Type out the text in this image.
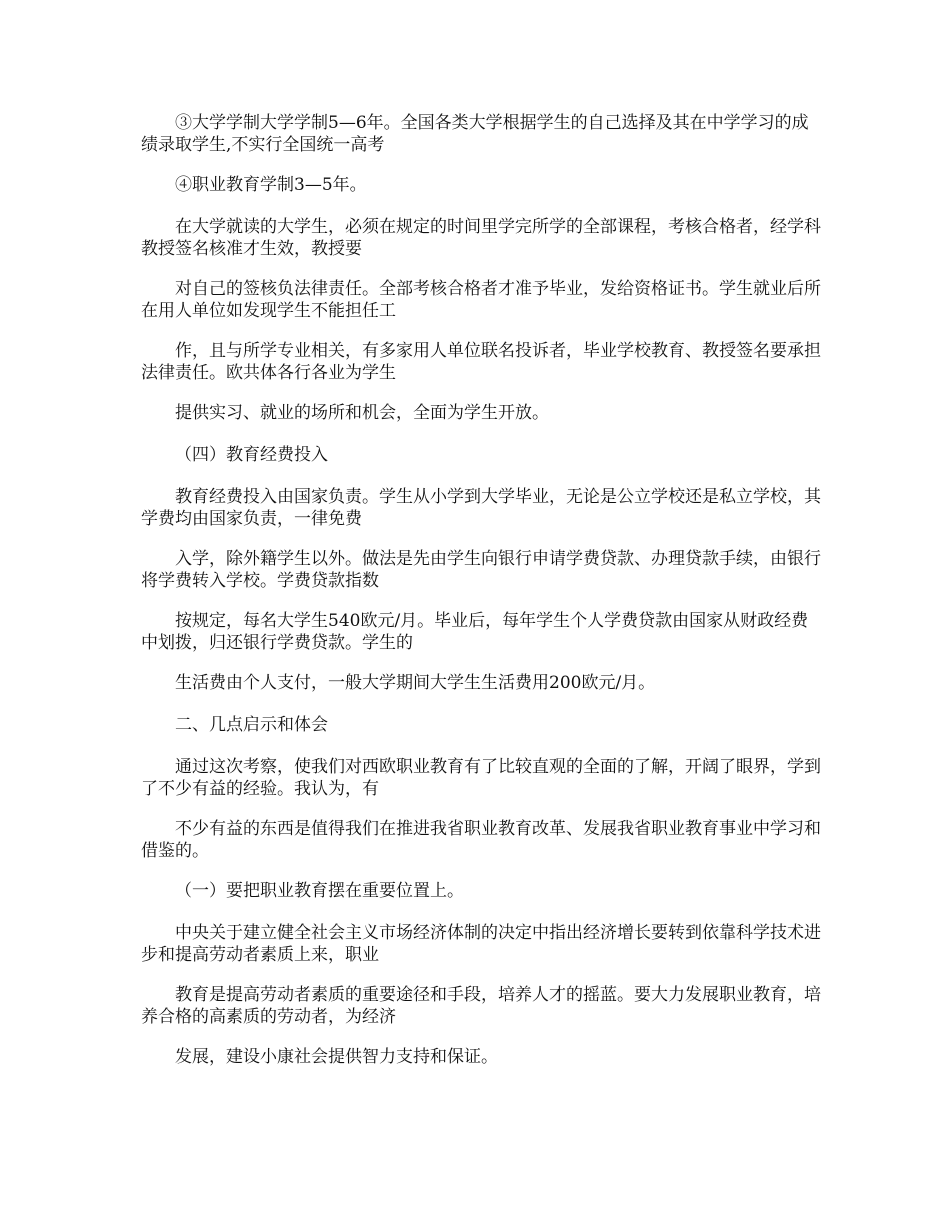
③大学学制大学学制5—6年。全国各类大学根据学生的自己选择及其在中学学习的成绩录取学生,不实行全国统一高考

④职业教育学制3—5年。

在大学就读的大学生，必须在规定的时间里学完所学的全部课程，考核合格者，经学科教授签名核准才生效，教授要

对自己的签核负法律责任。全部考核合格者才准予毕业，发给资格证书。学生就业后所在用人单位如发现学生不能担任工

作，且与所学专业相关，有多家用人单位联名投诉者，毕业学校教育、教授签名要承担法律责任。欧共体各行各业为学生

提供实习、就业的场所和机会，全面为学生开放。

（四）教育经费投入

教育经费投入由国家负责。学生从小学到大学毕业，无论是公立学校还是私立学校，其学费均由国家负责，一律免费

入学，除外籍学生以外。做法是先由学生向银行申请学费贷款、办理贷款手续，由银行将学费转入学校。学费贷款指数

按规定，每名大学生540欧元/月。毕业后，每年学生个人学费贷款由国家从财政经费中划拨，归还银行学费贷款。学生的

生活费由个人支付，一般大学期间大学生生活费用200欧元/月。

二、几点启示和体会

通过这次考察，使我们对西欧职业教育有了比较直观的全面的了解，开阔了眼界，学到了不少有益的经验。我认为，有

不少有益的东西是值得我们在推进我省职业教育改革、发展我省职业教育事业中学习和借鉴的。

（一）要把职业教育摆在重要位置上。

中央关于建立健全社会主义市场经济体制的决定中指出经济增长要转到依靠科学技术进步和提高劳动者素质上来，职业

教育是提高劳动者素质的重要途径和手段，培养人才的摇蓝。要大力发展职业教育，培养合格的高素质的劳动者，为经济

发展，建设小康社会提供智力支持和保证。
